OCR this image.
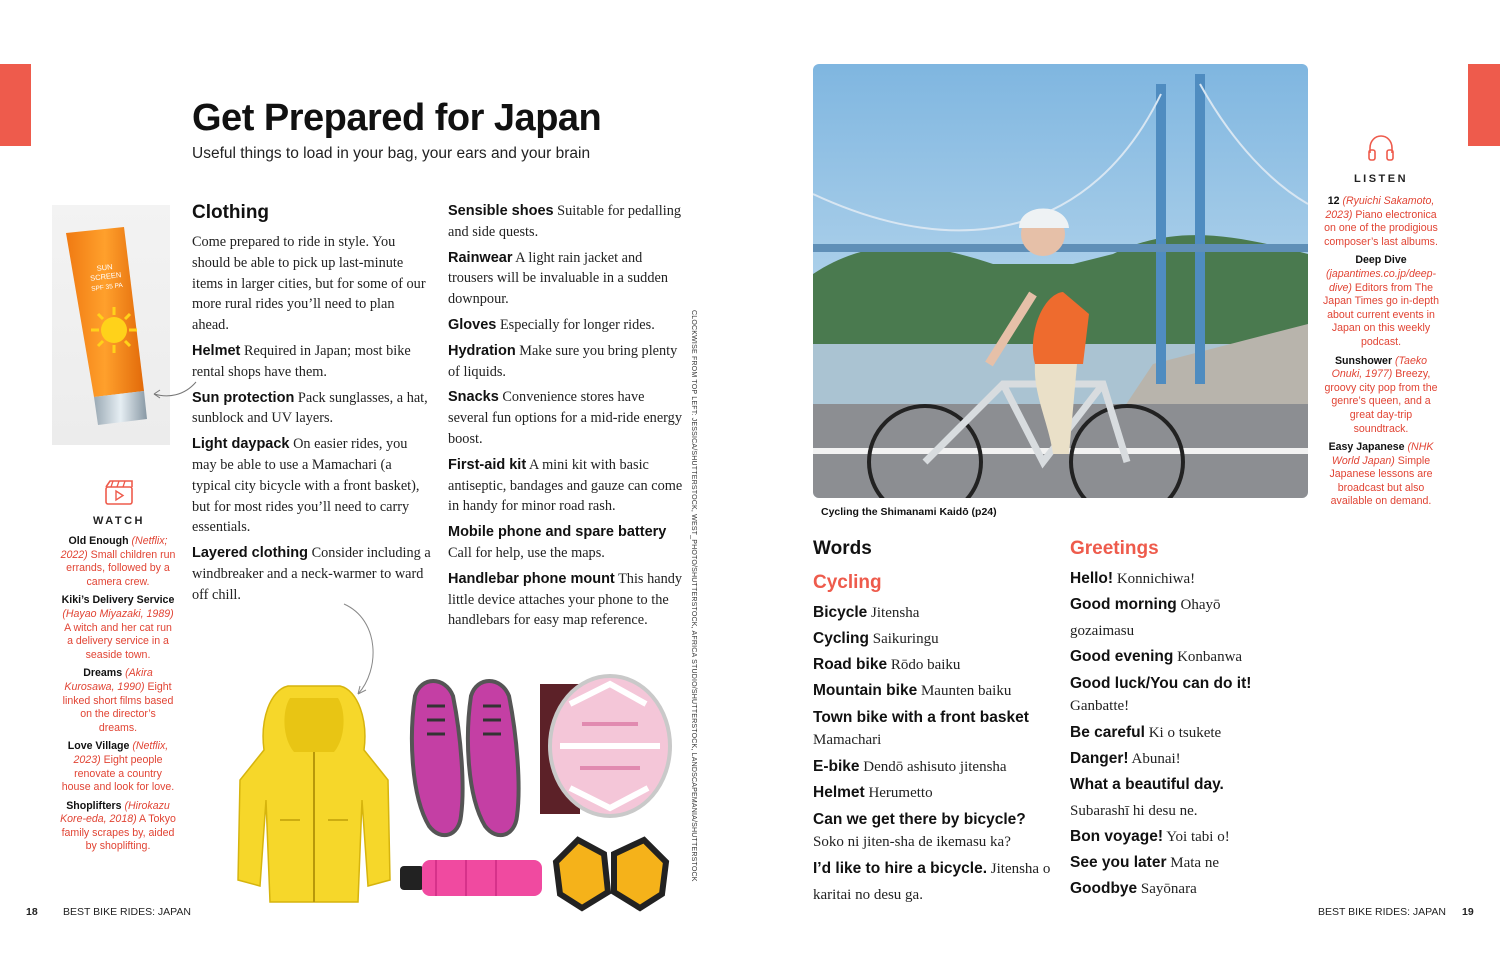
Get Prepared for Japan
Useful things to load in your bag, your ears and your brain
SUN
SCREEN
SPF 35 PA
WATCH

Old Enough (Netflix; 2022) Small children run errands, followed by a camera crew.

Kiki’s Delivery Service (Hayao Miyazaki, 1989) A witch and her cat run a delivery service in a seaside town.

Dreams (Akira Kurosawa, 1990) Eight linked short films based on the director’s dreams.

Love Village (Netflix, 2023) Eight people renovate a country house and look for love.

Shoplifters (Hirokazu Kore-eda, 2018) A Tokyo family scrapes by, aided by shoplifting.

Clothing

Come prepared to ride in style. You should be able to pick up last-minute items in larger cities, but for some of our more rural rides you’ll need to plan ahead.

Helmet Required in Japan; most bike rental shops have them.

Sun protection Pack sunglasses, a hat, sunblock and UV layers.

Light daypack On easier rides, you may be able to use a Mamachari (a typical city bicycle with a front basket), but for most rides you’ll need to carry essentials.

Layered clothing Consider including a windbreaker and a neck-warmer to ward off chill.

Sensible shoes Suitable for pedalling and side quests.

Rainwear A light rain jacket and trousers will be invaluable in a sudden downpour.

Gloves Especially for longer rides.

Hydration Make sure you bring plenty of liquids.

Snacks Convenience stores have several fun options for a mid-ride energy boost.

First-aid kit A mini kit with basic antiseptic, bandages and gauze can come in handy for minor road rash.

Mobile phone and spare battery Call for help, use the maps.

Handlebar phone mount This handy little device attaches your phone to the handlebars for easy map reference.	CLOCKWISE FROM TOP LEFT: JESSICA/SHUTTERSTOCK, WEST_PHOTO/SHUTTERSTOCK, AFRICA STUDIO/SHUTTERSTOCK, LANDSCAPEMANIA/SHUTTERSTOCK	Cycling the Shimanami Kaidō (p24)
LISTEN

12 (Ryuichi Sakamoto, 2023) Piano electronica on one of the prodigious composer’s last albums.

Deep Dive (japantimes.co.jp/deep-dive) Editors from The Japan Times go in-depth about current events in Japan on this weekly podcast.

Sunshower (Taeko Onuki, 1977) Breezy, groovy city pop from the genre’s queen, and a great day-trip soundtrack.

Easy Japanese (NHK World Japan) Simple Japanese lessons are broadcast but also available on demand.

Words
Cycling

Bicycle Jitensha

Cycling Saikuringu

Road bike Rōdo baiku

Mountain bike Maunten baiku

Town bike with a front basket Mamachari

E-bike Dendō ashisuto jitensha

Helmet Herumetto

Can we get there by bicycle? Soko ni jiten-sha de ikemasu ka?

I’d like to hire a bicycle. Jitensha o karitai no desu ga.

Greetings

Hello! Konnichiwa!

Good morning Ohayō gozaimasu

Good evening Konbanwa

Good luck/You can do it! Ganbatte!

Be careful Ki o tsukete

Danger! Abunai!

What a beautiful day. Subarashī hi desu ne.

Bon voyage! Yoi tabi o!

See you later Mata ne

Goodbye Sayōnara

18 BEST BIKE RIDES: JAPAN	BEST BIKE RIDES: JAPAN 19
